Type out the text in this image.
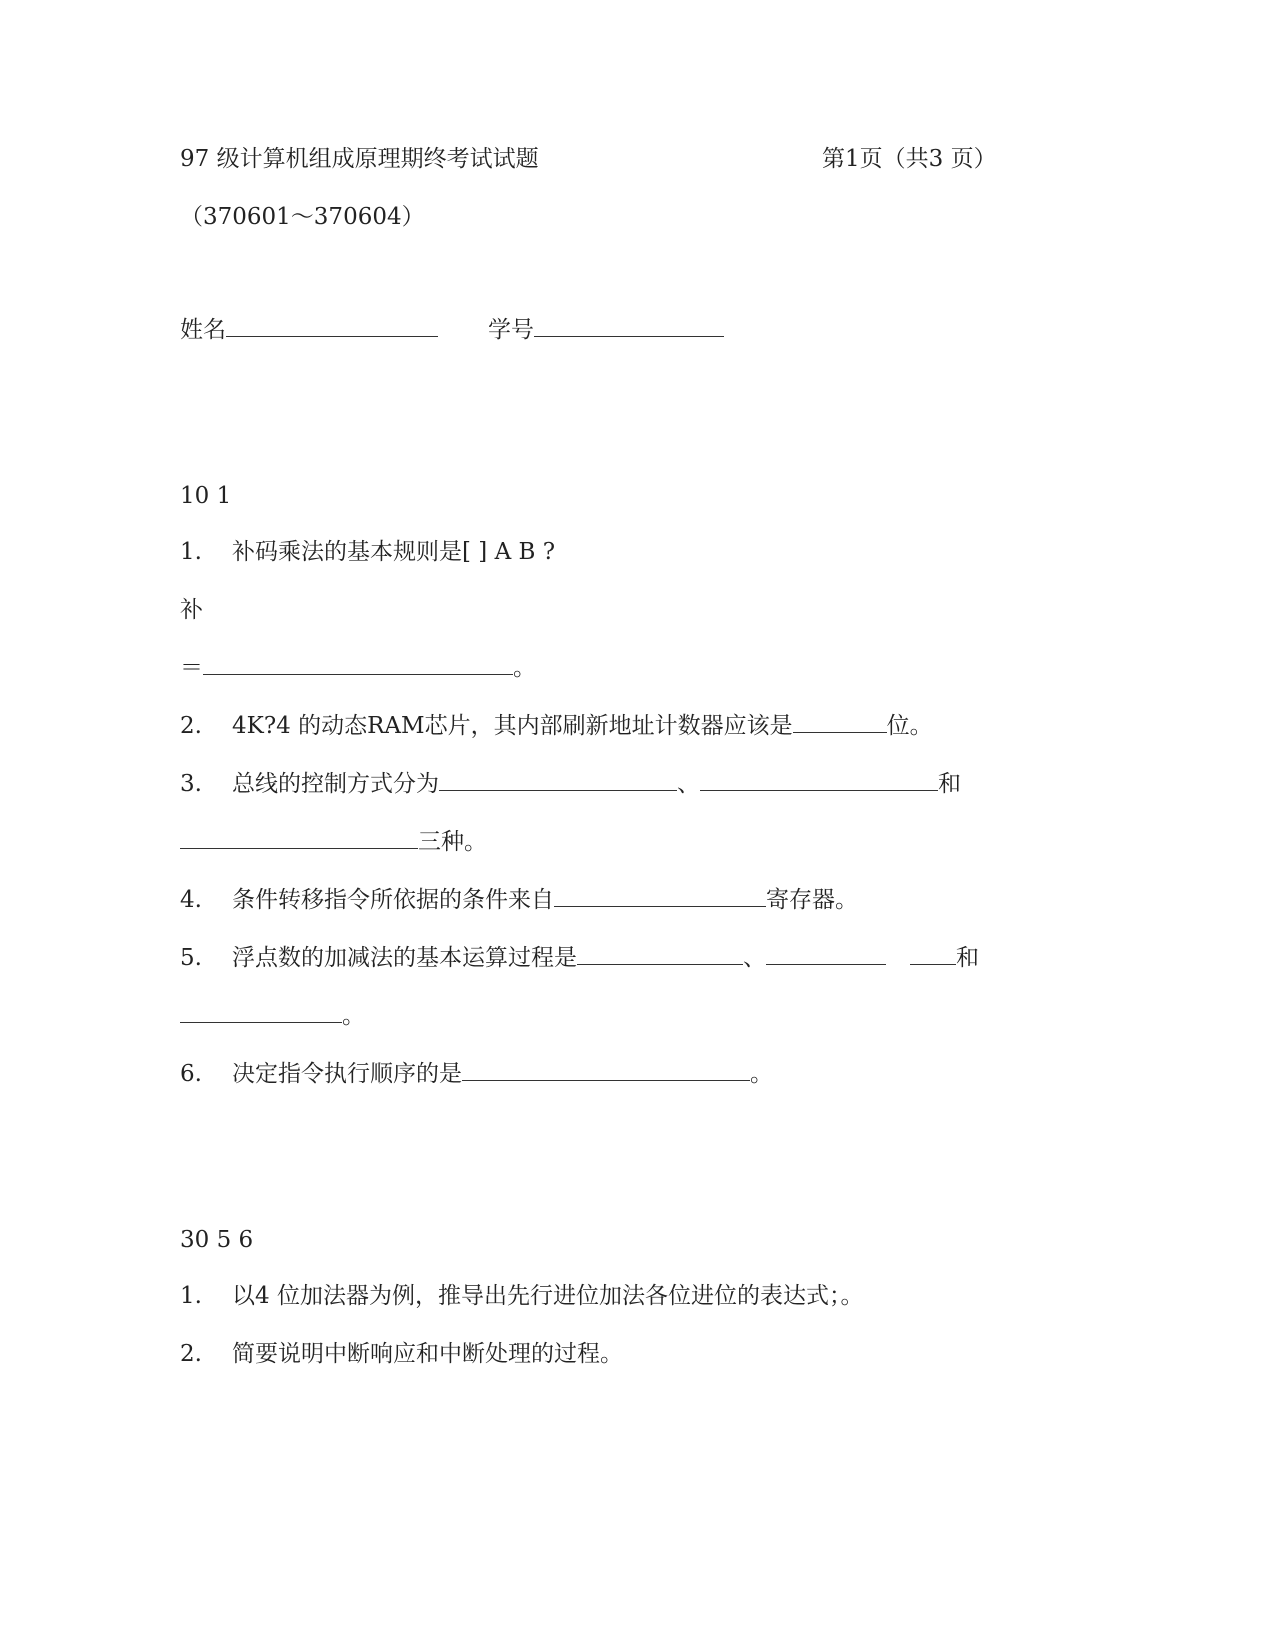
97 级计算机组成原理期终考试试题	第1页（共3 页）
（370601～370604）
姓名	学号
10 1
1. 补码乘法的基本规则是[ ] A B ?
补
＝	。
2. 4K?4 的动态RAM芯片，其内部刷新地址计数器应该是	位。
3. 总线的控制方式分为	、	和
三种。
4. 条件转移指令所依据的条件来自	寄存器。
5. 浮点数的加减法的基本运算过程是	、	和
。
6. 决定指令执行顺序的是	。
30 5 6
1. 以4 位加法器为例，推导出先行进位加法各位进位的表达式；。
2. 简要说明中断响应和中断处理的过程。
